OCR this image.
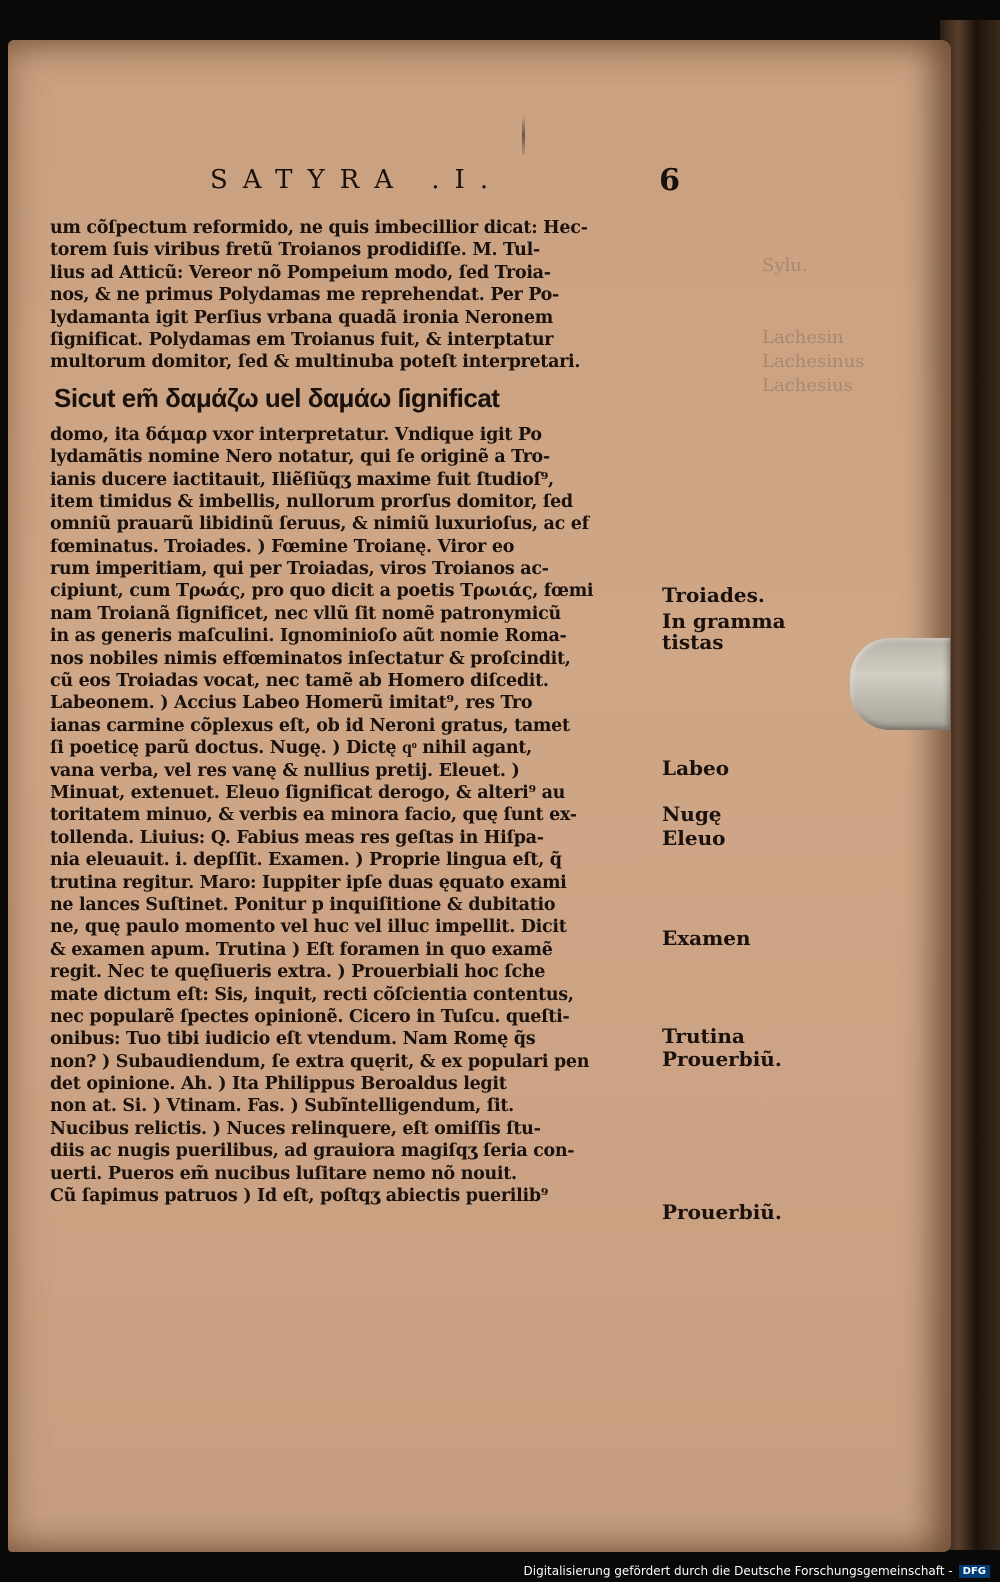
Sylu.
Lachesin
Lachesinus
Lachesius
SATYRA .I.	6
um cõſpectum reformido, ne quis imbecillior dicat: Hec-
torem ſuis viribus fretũ Troianos prodidiſſe. M. Tul-
lius ad Atticũ: Vereor nõ Pompeium modo, ſed Troia-
nos, & ne primus Polydamas me reprehendat. Per Po-
lydamanta igit Perſius vrbana quadã ironia Neronem
ſignificat. Polydamas em Troianus fuit, & interptatur
multorum domitor, ſed & multinuba poteſt interpretari.
Sicut em̃ δαμάζω uel δαμάω ſignificat
domo, ita δάμαρ vxor interpretatur. Vndique igit Po
lydamãtis nomine Nero notatur, qui ſe originẽ a Tro-
ianis ducere iactitauit, Iliẽſiũqʒ maxime fuit ſtudioſ⁹,
item timidus & imbellis, nullorum prorſus domitor, ſed
omniũ prauarũ libidinũ ſeruus, & nimiũ luxurioſus, ac ef
fœminatus. Troiades. ) Fœmine Troianę. Viror eo
rum imperitiam, qui per Troiadas, viros Troianos ac-
cipiunt, cum Τρωάς, pro quo dicit a poetis Τρωιάς, fœmi
nam Troianã ſignificet, nec vllũ ſit nomẽ patronymicũ
in as generis maſculini. Ignominioſo aũt nomie Roma-
nos nobiles nimis effœminatos inſectatur & proſcindit,
cũ eos Troiadas vocat, nec tamẽ ab Homero diſcedit.
Labeonem. ) Accius Labeo Homerũ imitat⁹, res Tro
ianas carmine cõplexus eſt, ob id Neroni gratus, tamet
ſi poeticę parũ doctus. Nugę. ) Dictę qͦ nihil agant,
vana verba, vel res vanę & nullius pretij. Eleuet. )
Minuat, extenuet. Eleuo ſignificat derogo, & alteri⁹ au
toritatem minuo, & verbis ea minora facio, quę ſunt ex-
tollenda. Liuius: Q. Fabius meas res geſtas in Hiſpa-
nia eleuauit. i. depſſit. Examen. ) Proprie lingua eſt, q̃
trutina regitur. Maro: Iuppiter ipſe duas ęquato exami
ne lances Suſtinet. Ponitur p inquiſitione & dubitatio
ne, quę paulo momento vel huc vel illuc impellit. Dicit
& examen apum. Trutina ) Eſt foramen in quo examẽ
regit. Nec te quęſiueris extra. ) Prouerbiali hoc ſche
mate dictum eſt: Sis, inquit, recti cõſcientia contentus,
nec popularẽ ſpectes opinionẽ. Cicero in Tuſcu. queſti-
onibus: Tuo tibi iudicio eſt vtendum. Nam Romę q̃s
non? ) Subaudiendum, ſe extra quęrit, & ex populari pen
det opinione. Ah. ) Ita Philippus Beroaldus legit
non at. Si. ) Vtinam. Fas. ) Subĩntelligendum, ſit.
Nucibus relictis. ) Nuces relinquere, eſt omiſſis ſtu-
diis ac nugis puerilibus, ad grauiora magiſqʒ ſeria con-
uerti. Pueros em̃ nucibus luſitare nemo nõ nouit.
Cũ ſapimus patruos ) Id eſt, poſtqʒ abiectis puerilib⁹
Troiades.
In gramma
tistas
Labeo
Nugę
Eleuo
Examen
Trutina
Prouerbiũ.
Prouerbiũ.
Digitalisierung gefördert durch die Deutsche Forschungsgemeinschaft -	DFG
